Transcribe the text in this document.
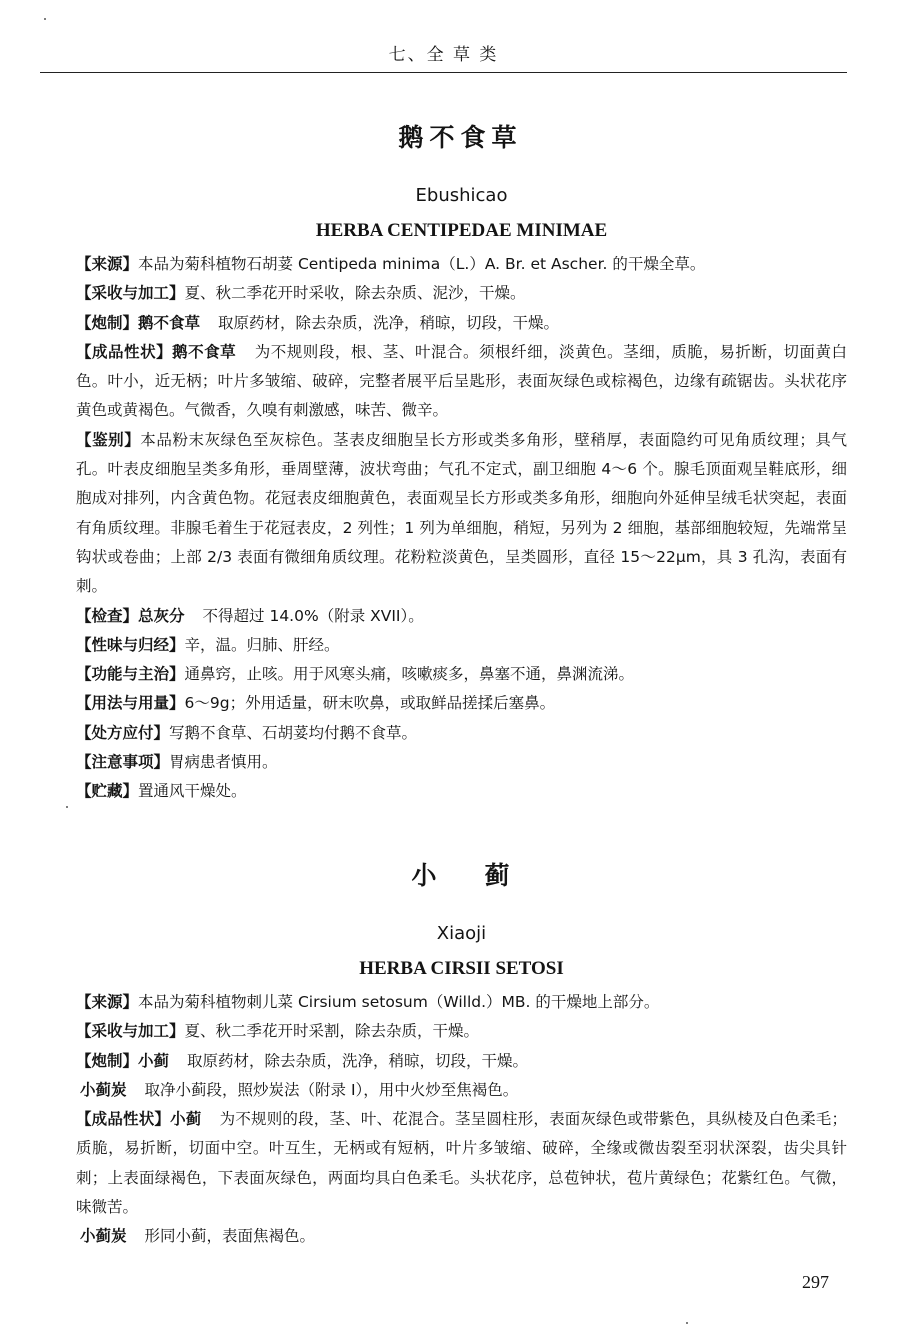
七、全 草 类
鹅不食草
Ebushicao
HERBA CENTIPEDAE MINIMAE

【来源】本品为菊科植物石胡荽 Centipeda minima（L.）A. Br. et Ascher. 的干燥全草。

【采收与加工】夏、秋二季花开时采收，除去杂质、泥沙，干燥。

【炮制】鹅不食草 取原药材，除去杂质，洗净，稍晾，切段，干燥。

【成品性状】鹅不食草 为不规则段，根、茎、叶混合。须根纤细，淡黄色。茎细，质脆，易折断，切面黄白色。叶小，近无柄；叶片多皱缩、破碎，完整者展平后呈匙形，表面灰绿色或棕褐色，边缘有疏锯齿。头状花序黄色或黄褐色。气微香，久嗅有刺激感，味苦、微辛。

【鉴别】本品粉末灰绿色至灰棕色。茎表皮细胞呈长方形或类多角形，壁稍厚，表面隐约可见角质纹理；具气孔。叶表皮细胞呈类多角形，垂周壁薄，波状弯曲；气孔不定式，副卫细胞 4～6 个。腺毛顶面观呈鞋底形，细胞成对排列，内含黄色物。花冠表皮细胞黄色，表面观呈长方形或类多角形，细胞向外延伸呈绒毛状突起，表面有角质纹理。非腺毛着生于花冠表皮，2 列性；1 列为单细胞，稍短，另列为 2 细胞，基部细胞较短，先端常呈钩状或卷曲；上部 2/3 表面有微细角质纹理。花粉粒淡黄色，呈类圆形，直径 15～22μm，具 3 孔沟，表面有刺。

【检查】总灰分 不得超过 14.0%（附录 XVII）。

【性味与归经】辛，温。归肺、肝经。

【功能与主治】通鼻窍，止咳。用于风寒头痛，咳嗽痰多，鼻塞不通，鼻渊流涕。

【用法与用量】6～9g；外用适量，研末吹鼻，或取鲜品搓揉后塞鼻。

【处方应付】写鹅不食草、石胡荽均付鹅不食草。

【注意事项】胃病患者慎用。

【贮藏】置通风干燥处。

小蓟
Xiaoji
HERBA CIRSII SETOSI

【来源】本品为菊科植物刺儿菜 Cirsium setosum（Willd.）MB. 的干燥地上部分。

【采收与加工】夏、秋二季花开时采割，除去杂质，干燥。

【炮制】小蓟 取原药材，除去杂质，洗净，稍晾，切段，干燥。

小蓟炭 取净小蓟段，照炒炭法（附录 I），用中火炒至焦褐色。

【成品性状】小蓟 为不规则的段，茎、叶、花混合。茎呈圆柱形，表面灰绿色或带紫色，具纵棱及白色柔毛；质脆，易折断，切面中空。叶互生，无柄或有短柄，叶片多皱缩、破碎，全缘或微齿裂至羽状深裂，齿尖具针刺；上表面绿褐色，下表面灰绿色，两面均具白色柔毛。头状花序，总苞钟状，苞片黄绿色；花紫红色。气微，味微苦。

小蓟炭 形同小蓟，表面焦褐色。

297
